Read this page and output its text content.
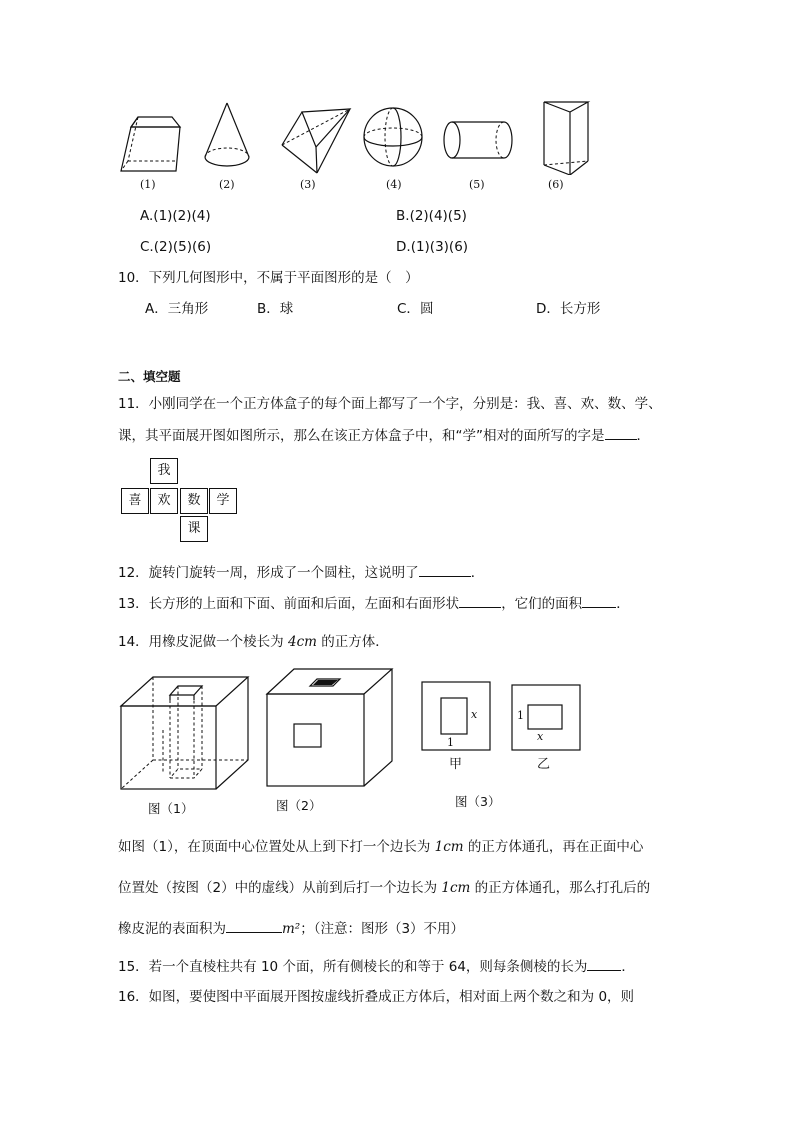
(1)	(2)	(3)	(4)	(5)	(6)
A.(1)(2)(4)	B.(2)(4)(5)
C.(2)(5)(6)	D.(1)(3)(6)
10．下列几何图形中，不属于平面图形的是（　）
A．三角形	B．球	C．圆	D．长方形
二、填空题
11．小刚同学在一个正方体盒子的每个面上都写了一个字，分别是：我、喜、欢、数、学、
课，其平面展开图如图所示，那么在该正方体盒子中，和“学”相对的面所写的字是 ．
我
喜	欢	数	学
课
12．旋转门旋转一周，形成了一个圆柱，这说明了	．
13．长方形的上面和下面、前面和后面，左面和右面形状	，它们的面积	．
14．用橡皮泥做一个棱长为 4cm 的正方体．
图（1）	图（2）
x
1
甲
1
x
乙
图（3）
如图（1），在顶面中心位置处从上到下打一个边长为 1cm 的正方体通孔，再在正面中心
位置处（按图（2）中的虚线）从前到后打一个边长为 1cm 的正方体通孔，那么打孔后的
橡皮泥的表面积为	m²；（注意：图形（3）不用）
15．若一个直棱柱共有 10 个面，所有侧棱长的和等于 64，则每条侧棱的长为	．
16．如图，要使图中平面展开图按虚线折叠成正方体后，相对面上两个数之和为 0，则
